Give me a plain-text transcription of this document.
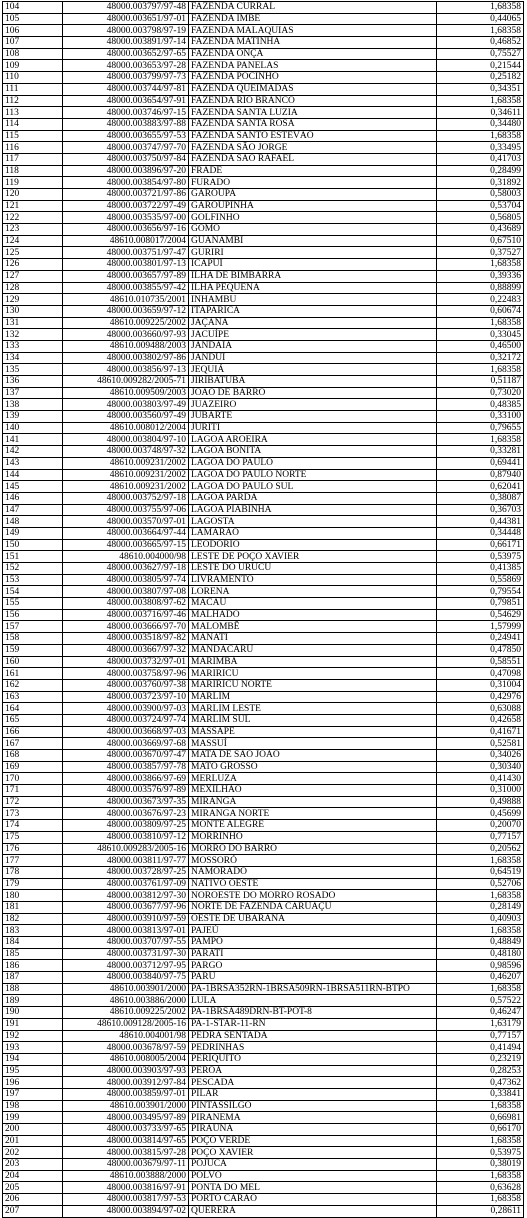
104	48000.003797/97-48	FAZENDA CURRAL	1,68358
105	48000.003651/97-01	FAZENDA IMBÉ	0,44065
106	48000.003798/97-19	FAZENDA MALAQUIAS	1,68358
107	48000.003891/97-14	FAZENDA MATINHA	0,46852
108	48000.003652/97-65	FAZENDA ONÇA	0,75527
109	48000.003653/97-28	FAZENDA PANELAS	0,21544
110	48000.003799/97-73	FAZENDA POCINHO	0,25182
111	48000.003744/97-81	FAZENDA QUEIMADAS	0,34351
112	48000.003654/97-91	FAZENDA RIO BRANCO	1,68358
113	48000.003746/97-15	FAZENDA SANTA LUZIA	0,34611
114	48000.003883/97-88	FAZENDA SANTA ROSA	0,34480
115	48000.003655/97-53	FAZENDA SANTO ESTEVÃO	1,68358
116	48000.003747/97-70	FAZENDA SÃO JORGE	0,33495
117	48000.003750/97-84	FAZENDA SÃO RAFAEL	0,41703
118	48000.003896/97-20	FRADE	0,28499
119	48000.003854/97-80	FURADO	0,31892
120	48000.003721/97-86	GAROUPA	0,58003
121	48000.003722/97-49	GAROUPINHA	0,53704
122	48000.003535/97-00	GOLFINHO	0,56805
123	48000.003656/97-16	GOMO	0,43689
124	48610.008017/2004	GUANAMBI	0,67510
125	48000.003751/97-47	GURIRI	0,37527
126	48000.003801/97-13	ICAPUÍ	1,68358
127	48000.003657/97-89	ILHA DE BIMBARRA	0,39336
128	48000.003855/97-42	ILHA PEQUENA	0,88899
129	48610.010735/2001	INHAMBU	0,22483
130	48000.003659/97-12	ITAPARICA	0,60674
131	48610.009225/2002	JAÇANÃ	1,68358
132	48000.003660/97-93	JACUÍPE	0,33045
133	48610.009488/2003	JANDAIA	0,46500
134	48000.003802/97-86	JANDUÍ	0,32172
135	48000.003856/97-13	JEQUIÁ	1,68358
136	48610.009282/2005-71	JIRIBATUBA	0,51187
137	48610.009509/2003	JOÃO DE BARRO	0,73020
138	48000.003803/97-49	JUAZEIRO	0,48385
139	48000.003560/97-49	JUBARTE	0,33100
140	48610.008012/2004	JURITI	0,79655
141	48000.003804/97-10	LAGOA AROEIRA	1,68358
142	48000.003748/97-32	LAGOA BONITA	0,33281
143	48610.009231/2002	LAGOA DO PAULO	0,69441
144	48610.009231/2002	LAGOA DO PAULO NORTE	0,87940
145	48610.009231/2002	LAGOA DO PAULO SUL	0,62041
146	48000.003752/97-18	LAGOA PARDA	0,38087
147	48000.003755/97-06	LAGOA PIABINHA	0,36703
148	48000.003570/97-01	LAGOSTA	0,44381
149	48000.003664/97-44	LAMARÃO	0,34448
150	48000.003665/97-15	LEODÓRIO	0,66171
151	48610.004000/98	LESTE DE POÇO XAVIER	0,53975
152	48000.003627/97-18	LESTE DO URUCU	0,41385
153	48000.003805/97-74	LIVRAMENTO	0,55869
154	48000.003807/97-08	LORENA	0,79554
155	48000.003808/97-62	MACAU	0,79851
156	48000.003716/97-46	MALHADO	0,54629
157	48000.003666/97-70	MALOMBÊ	1,57999
158	48000.003518/97-82	MANATI	0,24941
159	48000.003667/97-32	MANDACARU	0,47850
160	48000.003732/97-01	MARIMBÁ	0,58551
161	48000.003758/97-96	MARIRICU	0,47098
162	48000.003760/97-38	MARIRICU NORTE	0,31004
163	48000.003723/97-10	MARLIM	0,42976
164	48000.003900/97-03	MARLIM LESTE	0,63088
165	48000.003724/97-74	MARLIM SUL	0,42658
166	48000.003668/97-03	MASSAPÊ	0,41671
167	48000.003669/97-68	MASSUÍ	0,52581
168	48000.003670/97-47	MATA DE SÃO JOÃO	0,34026
169	48000.003857/97-78	MATO GROSSO	0,30340
170	48000.003866/97-69	MERLUZA	0,41430
171	48000.003576/97-89	MEXILHÃO	0,31000
172	48000.003673/97-35	MIRANGA	0,49888
173	48000.003676/97-23	MIRANGA NORTE	0,45699
174	48000.003809/97-25	MONTE ALEGRE	0,20070
175	48000.003810/97-12	MORRINHO	0,77157
176	48610.009283/2005-16	MORRO DO BARRO	0,20562
177	48000.003811/97-77	MOSSORÓ	1,68358
178	48000.003728/97-25	NAMORADO	0,64519
179	48000.003761/97-09	NATIVO OESTE	0,52706
180	48000.003812/97-30	NOROESTE DO MORRO ROSADO	1,68358
181	48000.003677/97-96	NORTE DE FAZENDA CARUAÇU	0,28149
182	48000.003910/97-59	OESTE DE UBARANA	0,40903
183	48000.003813/97-01	PAJEÚ	1,68358
184	48000.003707/97-55	PAMPO	0,48849
185	48000.003731/97-30	PARATI	0,48180
186	48000.003712/97-95	PARGO	0,98596
187	48000.003840/97-75	PARU	0,46207
188	48610.003901/2000	PA-1BRSA352RN-1BRSA509RN-1BRSA511RN-BTPO	1,68358
189	48610.003886/2000	LULA	0,57522
190	48610.009225/2002	PA-1BRSA489DRN-BT-POT-8	0,46247
191	48610.009128/2005-16	PA-1-STAR-11-RN	1,63179
192	48610.004001/98	PEDRA SENTADA	0,77157
193	48000.003678/97-59	PEDRINHAS	0,41494
194	48610.008005/2004	PERIQUITO	0,23219
195	48000.003903/97-93	PEROÁ	0,28253
196	48000.003912/97-84	PESCADA	0,47362
197	48000.003859/97-01	PILAR	0,33841
198	48610.003901/2000	PINTASSILGO	1,68358
199	48000.003495/97-89	PIRANEMA	0,66981
200	48000.003733/97-65	PIRAÚNA	0,66170
201	48000.003814/97-65	POÇO VERDE	1,68358
202	48000.003815/97-28	POÇO XAVIER	0,53975
203	48000.003679/97-11	POJUCA	0,38019
204	48610.003888/2000	POLVO	1,68358
205	48000.003816/97-91	PONTA DO MEL	0,63628
206	48000.003817/97-53	PORTO CARÃO	1,68358
207	48000.003894/97-02	QUERERÁ	0,28611
